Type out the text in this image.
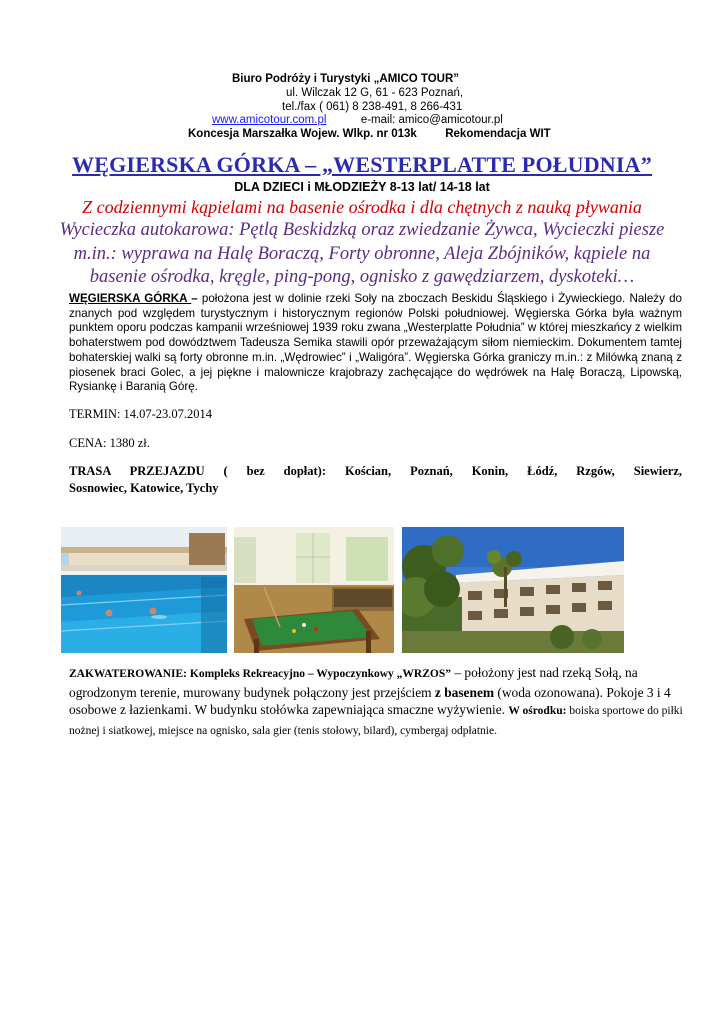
Biuro Podróży i Turystyki „AMICO TOUR”
ul. Wilczak 12 G, 61 - 623 Poznań,
tel./fax ( 061) 8 238-491, 8 266-431
www.amicotour.com.pl	e-mail: amico@amicotour.pl
Koncesja Marszałka Wojew. Wlkp. nr 013k Rekomendacja WIT
WĘGIERSKA GÓRKA – „WESTERPLATTE POŁUDNIA”
DLA DZIECI i MŁODZIEŻY 8-13 lat/ 14-18 lat
Z codziennymi kąpielami na basenie ośrodka i dla chętnych z nauką pływania
Wycieczka autokarowa: Pętlą Beskidzką oraz zwiedzanie Żywca, Wycieczki piesze
m.in.: wyprawa na Halę Boraczą, Forty obronne, Aleja Zbójników, kąpiele na
basenie ośrodka, kręgle, ping-pong, ognisko z gawędziarzem, dyskoteki…
WĘGIERSKA GÓRKA – położona jest w dolinie rzeki Soły na zboczach Beskidu Śląskiego i Żywieckiego. Należy do znanych pod względem turystycznym i historycznym regionów Polski południowej. Węgierska Górka była ważnym punktem oporu podczas kampanii wrześniowej 1939 roku zwana „Westerplatte Południa” w której mieszkańcy z wielkim bohaterstwem pod dowództwem Tadeusza Semika stawili opór przeważającym siłom niemieckim. Dokumentem tamtej bohaterskiej walki są forty obronne m.in. „Wędrowiec” i „Waligóra”. Węgierska Górka graniczy m.in.: z Milówką znaną z piosenek braci Golec, a jej piękne i malownicze krajobrazy zachęcające do wędrówek na Halę Boraczą, Lipowską, Rysiankę i Baranią Górę.
TERMIN: 14.07-23.07.2014
CENA: 1380 zł.
TRASA PRZEJAZDU ( bez dopłat): Kościan, Poznań, Konin, Łódź, Rzgów, Siewierz,
Sosnowiec, Katowice, Tychy
ZAKWATEROWANIE: Kompleks Rekreacyjno – Wypoczynkowy „WRZOS” – położony jest nad rzeką Sołą, na ogrodzonym terenie, murowany budynek połączony jest przejściem z basenem (woda ozonowana). Pokoje 3 i 4 osobowe z łazienkami. W budynku stołówka zapewniająca smaczne wyżywienie. W ośrodku: boiska sportowe do piłki nożnej i siatkowej, miejsce na ognisko, sala gier (tenis stołowy, bilard), cymbergaj odpłatnie.
